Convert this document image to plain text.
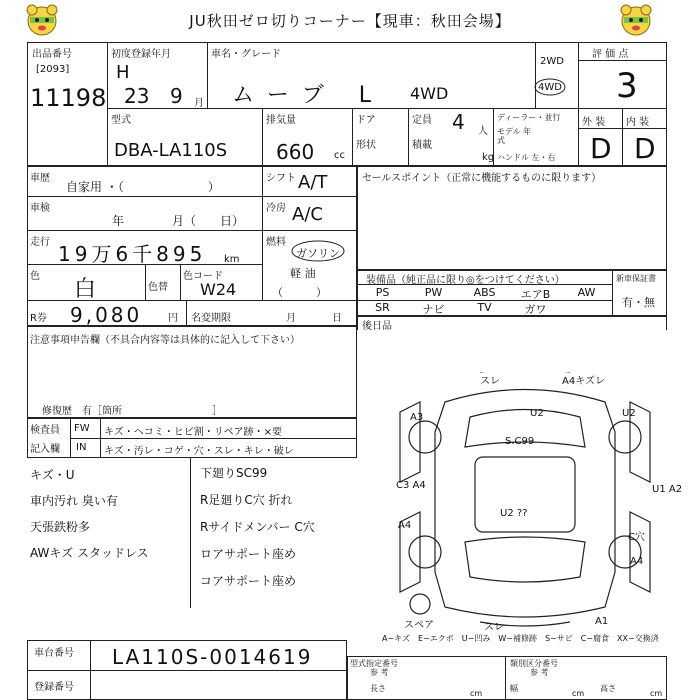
JU秋田ゼロ切りコーナー【現車：秋田会場】
出品番号
[2093]
11198
初度登録年月
H
23 9 月
車名・グレード
ムーブ L 4WD
2WD
4WD
評 価 点
3
外 装 内 装
D D
型式
DBA-LA110S
排気量
660 cc
ドア
形状
定員 4 人
積載
kg
ディーラー・並行
モデル 年式
ハンドル 左・右
車歴
自家用 ・（　　　　　　　）
シフト A/T
車検
年	月（　　日）
冷房 A/C
走行 19万6千895 km
燃料
ガソリン
軽 油
（　　　）
色
白	色替
色コード
W24
R券 9,080	円 名変期限	月	日
セールスポイント（正常に機能するものに限ります）
装備品（純正品に限り◎をつけてください）	新車保証書
有・無
PS	PW	ABS	エアB	AW
SR	ナビ	TV	ガワ
後日品
注意事項申告欄（不具合内容等は具体的に記入して下さい）
修復歴　有［箇所　　　　　　　　　］
検査員
記入欄
FW
IN
キズ・ヘコミ・ヒビ割・リペア跡・×要
キズ・汚レ・コゲ・穴・スレ・キレ・破レ
キズ・U
車内汚れ 臭い有
天張鉄粉多
AWキズ スタッドレス
下廻りSC99
R足廻りC穴 折れ
Rサイドメンバー C穴
ロアサポート座め
コアサポート座め
スレ	A4キズレ
U2	U2
A3
C3 A4
S.C99
U2 ??
U1 A2
A4
C穴
A4
スペア	スレ
A1
A−キズ　E−エクボ　U−凹み　W−補修跡　S−サビ　C−腐食　XX−交換済
車台番号 LA110S-0014619
登録番号
型式指定番号
参 考
類別区分番号
参 考
長さ
cm
幅
cm
高さ
cm
